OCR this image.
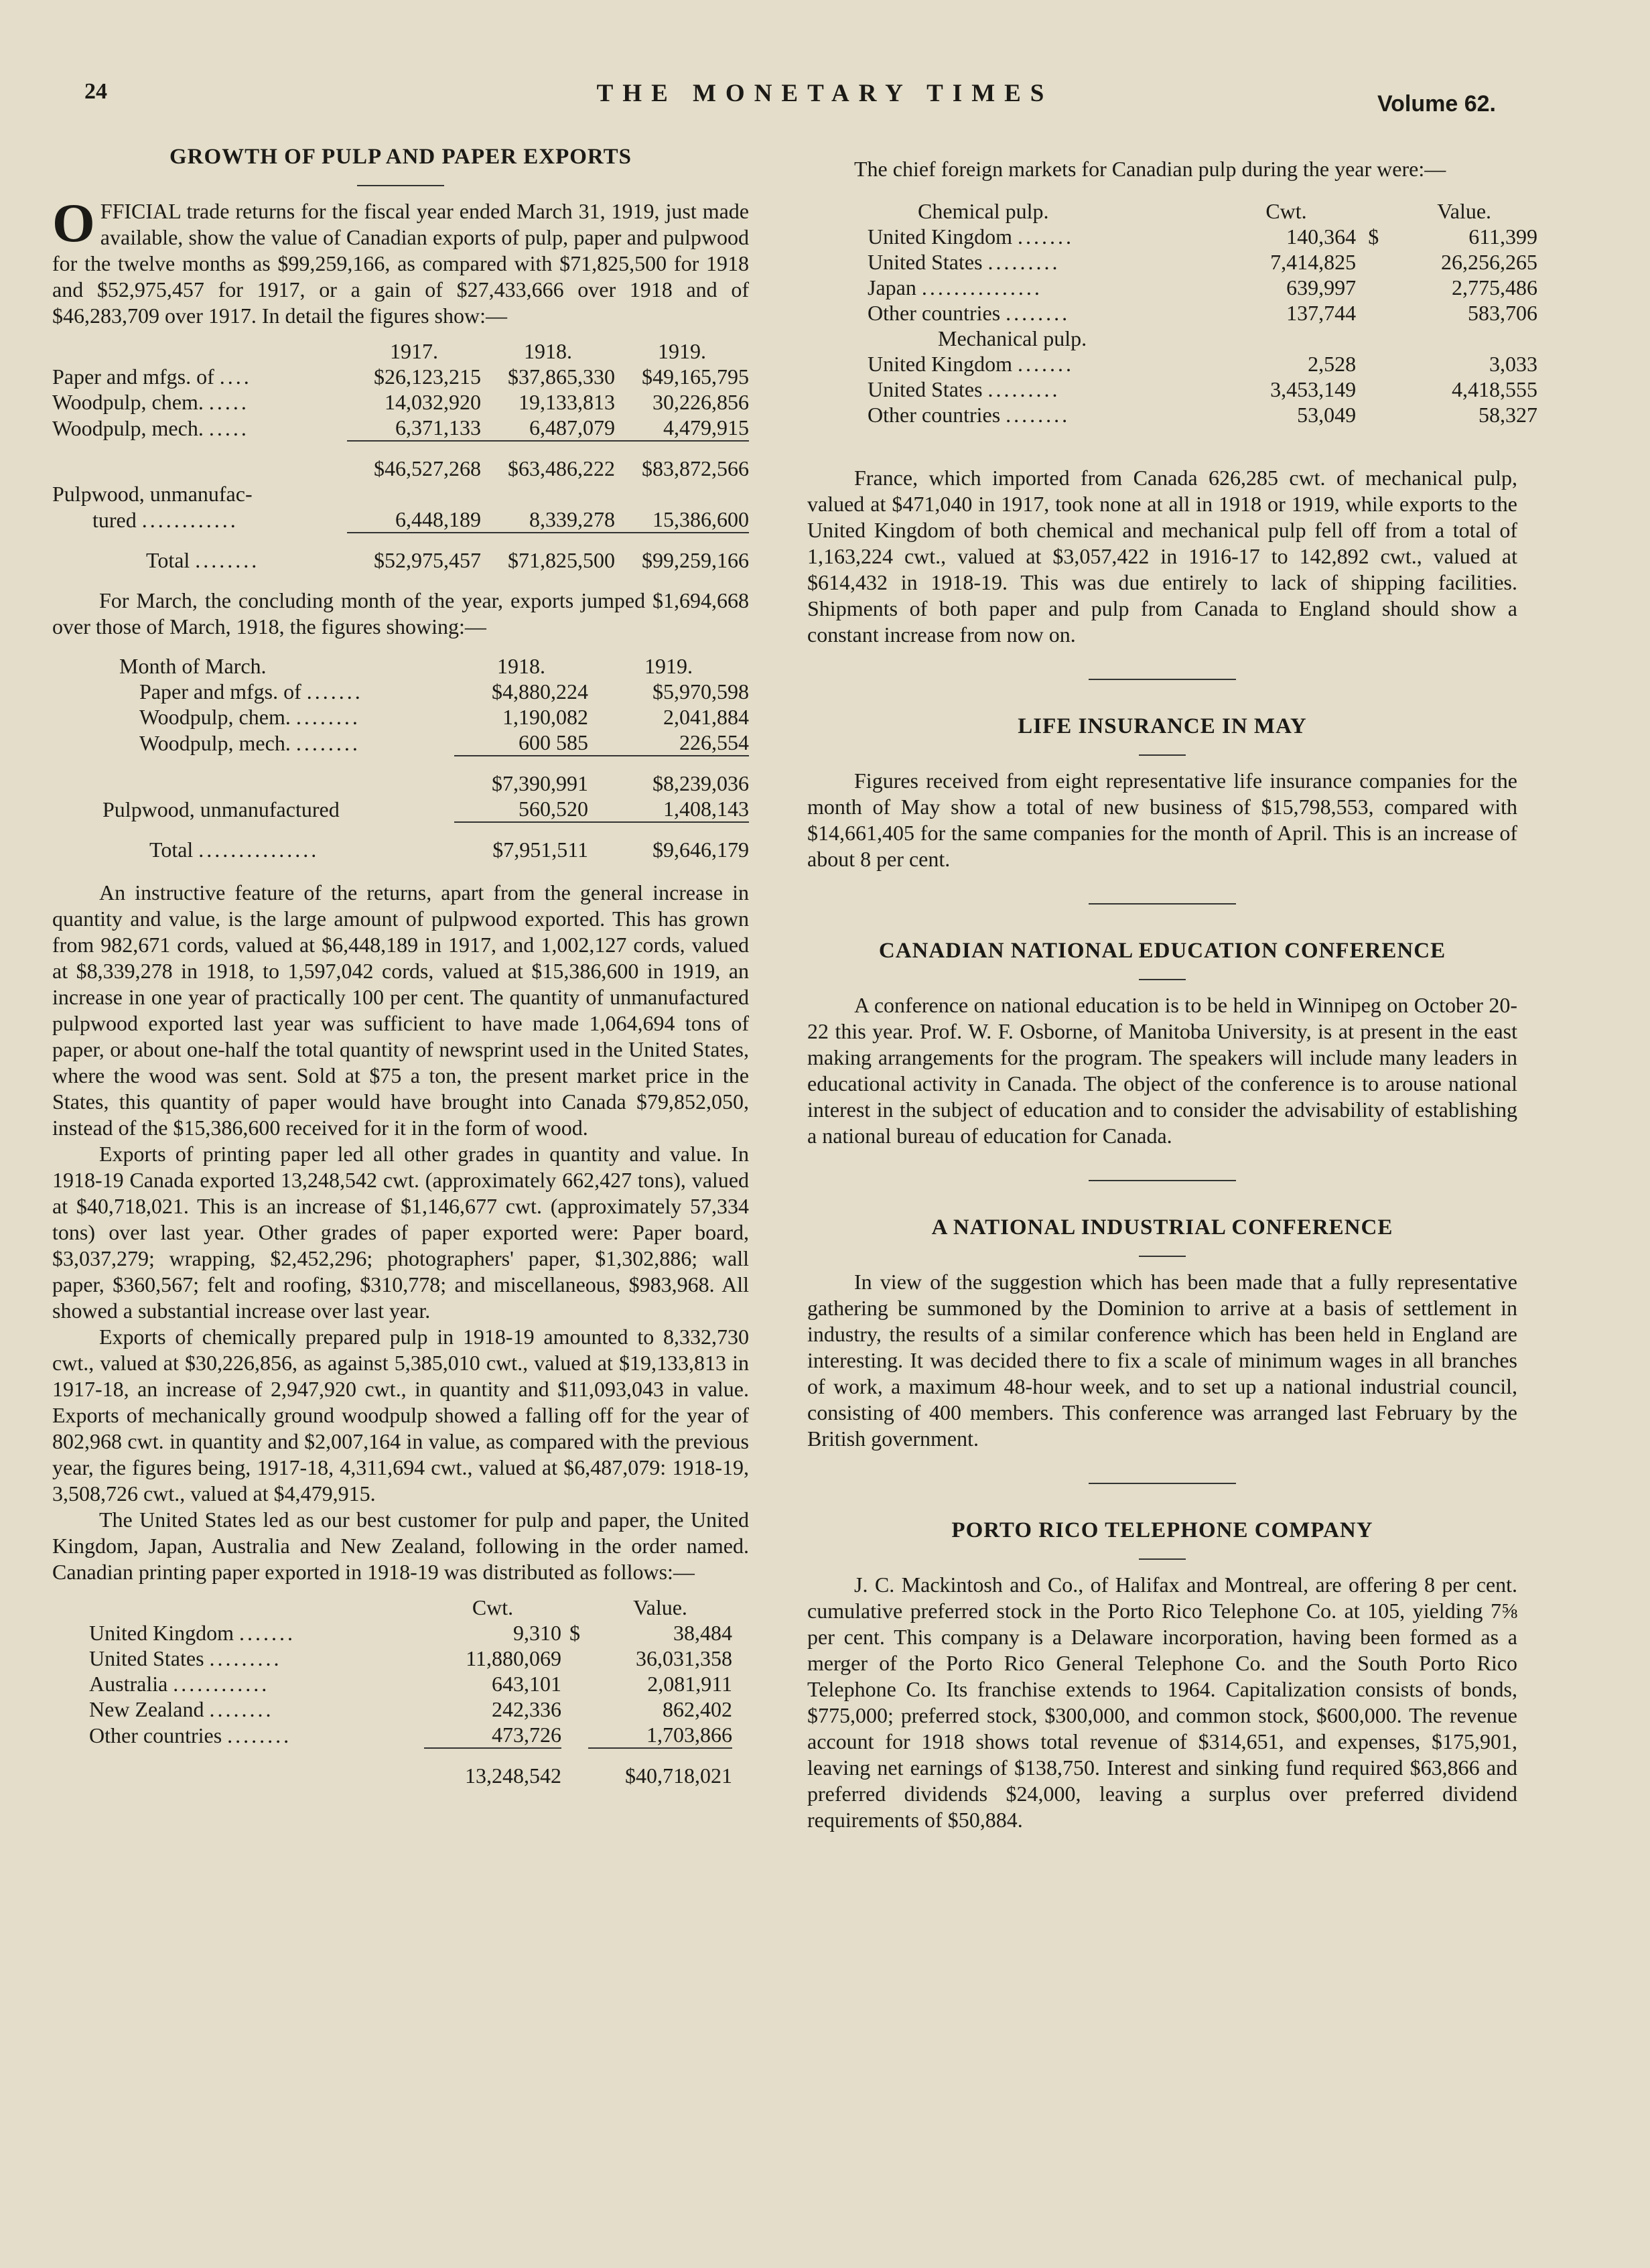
24	THE MONETARY TIMES	Volume 62.
GROWTH OF PULP AND PAPER EXPORTS

OFFICIAL trade returns for the fiscal year ended March 31, 1919, just made available, show the value of Canadian exports of pulp, paper and pulpwood for the twelve months as $99,259,166, as compared with $71,825,500 for 1918 and $52,975,457 for 1917, or a gain of $27,433,666 over 1918 and of $46,283,709 over 1917. In detail the figures show:—

	1917.	1918.	1919.
Paper and mfgs. of ....	$26,123,215	$37,865,330	$49,165,795
Woodpulp, chem. .....	14,032,920	19,133,813	30,226,856
Woodpulp, mech. .....	6,371,133	6,487,079	4,479,915

	$46,527,268	$63,486,222	$83,872,566
Pulpwood, unmanufac-			
tured ............	6,448,189	8,339,278	15,386,600

Total ........	$52,975,457	$71,825,500	$99,259,166

For March, the concluding month of the year, exports jumped $1,694,668 over those of March, 1918, the figures showing:—

Month of March.	1918.	1919.
Paper and mfgs. of .......	$4,880,224	$5,970,598
Woodpulp, chem. ........	1,190,082	2,041,884
Woodpulp, mech. ........	600 585	226,554

	$7,390,991	$8,239,036
Pulpwood, unmanufactured	560,520	1,408,143

Total ...............	$7,951,511	$9,646,179

An instructive feature of the returns, apart from the general increase in quantity and value, is the large amount of pulpwood exported. This has grown from 982,671 cords, valued at $6,448,189 in 1917, and 1,002,127 cords, valued at $8,339,278 in 1918, to 1,597,042 cords, valued at $15,386,600 in 1919, an increase in one year of practically 100 per cent. The quantity of unmanufactured pulpwood exported last year was sufficient to have made 1,064,694 tons of paper, or about one-half the total quantity of newsprint used in the United States, where the wood was sent. Sold at $75 a ton, the present market price in the States, this quantity of paper would have brought into Canada $79,852,050, instead of the $15,386,600 received for it in the form of wood.

Exports of printing paper led all other grades in quantity and value. In 1918-19 Canada exported 13,248,542 cwt. (approximately 662,427 tons), valued at $40,718,021. This is an increase of $1,146,677 cwt. (approximately 57,334 tons) over last year. Other grades of paper exported were: Paper board, $3,037,279; wrapping, $2,452,296; photographers' paper, $1,302,886; wall paper, $360,567; felt and roofing, $310,778; and miscellaneous, $983,968. All showed a substantial increase over last year.

Exports of chemically prepared pulp in 1918-19 amounted to 8,332,730 cwt., valued at $30,226,856, as against 5,385,010 cwt., valued at $19,133,813 in 1917-18, an increase of 2,947,920 cwt., in quantity and $11,093,043 in value. Exports of mechanically ground woodpulp showed a falling off for the year of 802,968 cwt. in quantity and $2,007,164 in value, as compared with the previous year, the figures being, 1917-18, 4,311,694 cwt., valued at $6,487,079: 1918-19, 3,508,726 cwt., valued at $4,479,915.

The United States led as our best customer for pulp and paper, the United Kingdom, Japan, Australia and New Zealand, following in the order named. Canadian printing paper exported in 1918-19 was distributed as follows:—

	Cwt.		Value.
United Kingdom .......	9,310	$	38,484
United States .........	11,880,069		36,031,358
Australia ............	643,101		2,081,911
New Zealand ........	242,336		862,402
Other countries ........	473,726		1,703,866

	13,248,542		$40,718,021

The chief foreign markets for Canadian pulp during the year were:—

Chemical pulp.	Cwt.		Value.
United Kingdom .......	140,364	$	611,399
United States .........	7,414,825		26,256,265
Japan ...............	639,997		2,775,486
Other countries ........	137,744		583,706
Mechanical pulp.			
United Kingdom .......	2,528		3,033
United States .........	3,453,149		4,418,555
Other countries ........	53,049		58,327

France, which imported from Canada 626,285 cwt. of mechanical pulp, valued at $471,040 in 1917, took none at all in 1918 or 1919, while exports to the United Kingdom of both chemical and mechanical pulp fell off from a total of 1,163,224 cwt., valued at $3,057,422 in 1916-17 to 142,892 cwt., valued at $614,432 in 1918-19. This was due entirely to lack of shipping facilities. Shipments of both paper and pulp from Canada to England should show a constant increase from now on.

LIFE INSURANCE IN MAY

Figures received from eight representative life insurance companies for the month of May show a total of new business of $15,798,553, compared with $14,661,405 for the same companies for the month of April. This is an increase of about 8 per cent.

CANADIAN NATIONAL EDUCATION CONFERENCE

A conference on national education is to be held in Winnipeg on October 20-22 this year. Prof. W. F. Osborne, of Manitoba University, is at present in the east making arrangements for the program. The speakers will include many leaders in educational activity in Canada. The object of the conference is to arouse national interest in the subject of education and to consider the advisability of establishing a national bureau of education for Canada.

A NATIONAL INDUSTRIAL CONFERENCE

In view of the suggestion which has been made that a fully representative gathering be summoned by the Dominion to arrive at a basis of settlement in industry, the results of a similar conference which has been held in England are interesting. It was decided there to fix a scale of minimum wages in all branches of work, a maximum 48-hour week, and to set up a national industrial council, consisting of 400 members. This conference was arranged last February by the British government.

PORTO RICO TELEPHONE COMPANY

J. C. Mackintosh and Co., of Halifax and Montreal, are offering 8 per cent. cumulative preferred stock in the Porto Rico Telephone Co. at 105, yielding 7⅝ per cent. This company is a Delaware incorporation, having been formed as a merger of the Porto Rico General Telephone Co. and the South Porto Rico Telephone Co. Its franchise extends to 1964. Capitalization consists of bonds, $775,000; preferred stock, $300,000, and common stock, $600,000. The revenue account for 1918 shows total revenue of $314,651, and expenses, $175,901, leaving net earnings of $138,750. Interest and sinking fund required $63,866 and preferred dividends $24,000, leaving a surplus over preferred dividend requirements of $50,884.
